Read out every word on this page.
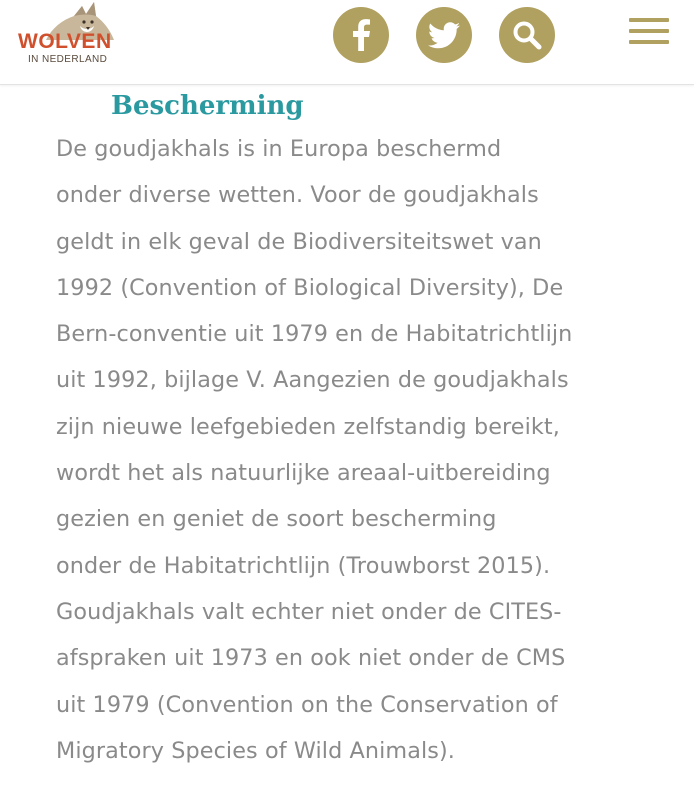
WOLVEN
IN NEDERLAND
Bescherming

De goudjakhals is in Europa beschermd
onder diverse wetten. Voor de goudjakhals
geldt in elk geval de Biodiversiteitswet van
1992 (Convention of Biological Diversity), De
Bern-conventie uit 1979 en de Habitatrichtlijn
uit 1992, bijlage V. Aangezien de goudjakhals
zijn nieuwe leefgebieden zelfstandig bereikt,
wordt het als natuurlijke areaal-uitbereiding
gezien en geniet de soort bescherming
onder de Habitatrichtlijn (Trouwborst 2015).
Goudjakhals valt echter niet onder de CITES-
afspraken uit 1973 en ook niet onder de CMS
uit 1979 (Convention on the Conservation of
Migratory Species of Wild Animals).
